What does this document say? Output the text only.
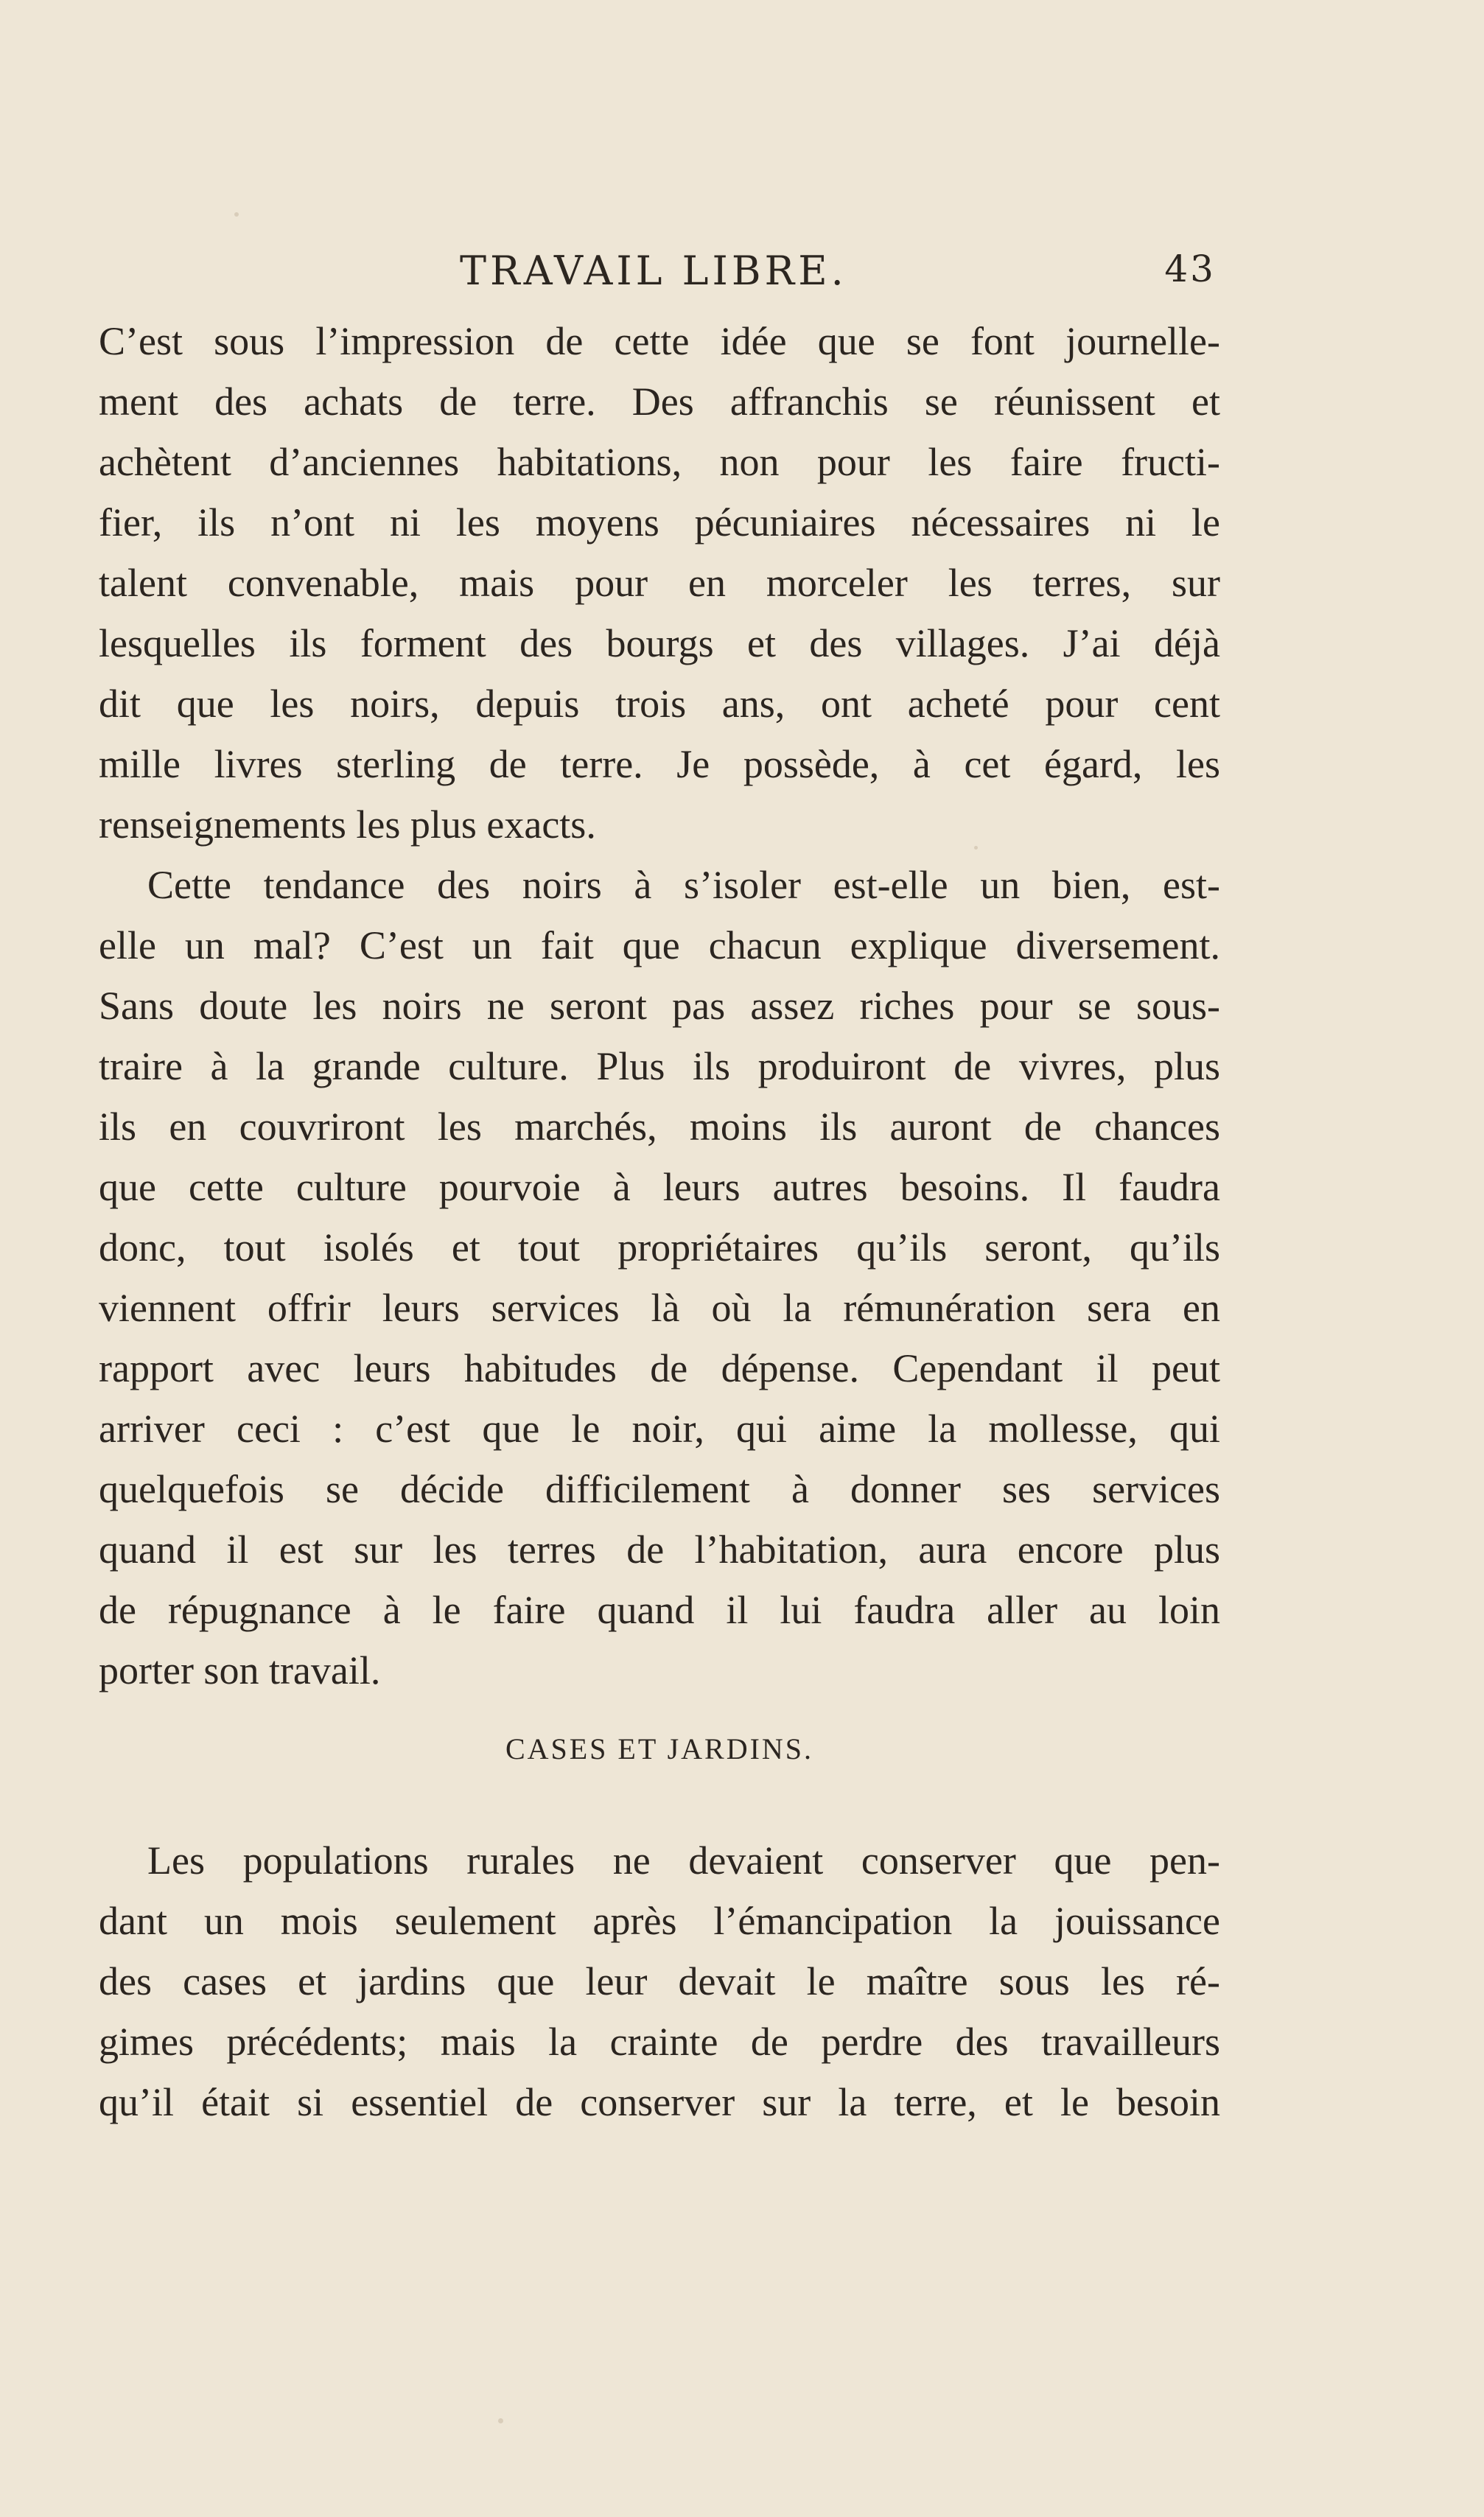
TRAVAIL LIBRE.	43
C’est sous l’impression de cette idée que se font journelle-
ment des achats de terre. Des affranchis se réunissent et
achètent d’anciennes habitations, non pour les faire fructi-
fier, ils n’ont ni les moyens pécuniaires nécessaires ni le
talent convenable, mais pour en morceler les terres, sur
lesquelles ils forment des bourgs et des villages. J’ai déjà
dit que les noirs, depuis trois ans, ont acheté pour cent
mille livres sterling de terre. Je possède, à cet égard, les
renseignements les plus exacts.
Cette tendance des noirs à s’isoler est-elle un bien, est-
elle un mal? C’est un fait que chacun explique diversement.
Sans doute les noirs ne seront pas assez riches pour se sous-
traire à la grande culture. Plus ils produiront de vivres, plus
ils en couvriront les marchés, moins ils auront de chances
que cette culture pourvoie à leurs autres besoins. Il faudra
donc, tout isolés et tout propriétaires qu’ils seront, qu’ils
viennent offrir leurs services là où la rémunération sera en
rapport avec leurs habitudes de dépense. Cependant il peut
arriver ceci : c’est que le noir, qui aime la mollesse, qui
quelquefois se décide difficilement à donner ses services
quand il est sur les terres de l’habitation, aura encore plus
de répugnance à le faire quand il lui faudra aller au loin
porter son travail.
CASES ET JARDINS.
Les populations rurales ne devaient conserver que pen-
dant un mois seulement après l’émancipation la jouissance
des cases et jardins que leur devait le maître sous les ré-
gimes précédents; mais la crainte de perdre des travailleurs
qu’il était si essentiel de conserver sur la terre, et le besoin
